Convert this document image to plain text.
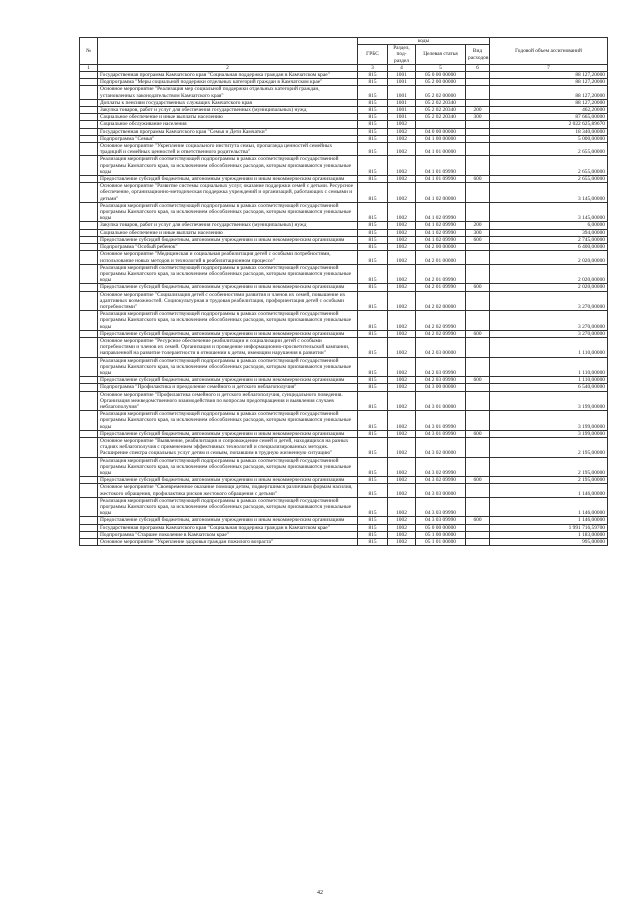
№		коды				Годовой объем ассигнований
		ГРБС	Раздел, под-раздел	Целевая статья	Вид расходов	
1	2	3	4	5	6	7
	Государственная программа Камчатского края "Социальная поддержка граждан в Камчатском крае"	815	1001	05 0 00 00000		88 127,20000
	Подпрограмма "Меры социальной поддержки отдельных категорий граждан в Камчатском крае"	815	1001	05 2 00 00000		88 127,20000
	Основное мероприятие "Реализация мер социальной поддержки отдельных категорий граждан, установленных законодательством Камчатского края"	815	1001	05 2 02 00000		88 127,20000
	Доплаты к пенсиям государственных служащих Камчатского края	815	1001	05 2 02 20340		88 127,20000
	Закупка товаров, работ и услуг для обеспечения государственных (муниципальных) нужд	815	1001	05 2 02 20340	200	462,20000
	Социальное обеспечение и иные выплаты населению	815	1001	05 2 02 20340	300	87 665,00000
	Социальное обслуживание населения	815	1002			2 022 625,89670
	Государственная программа Камчатского края "Семья и Дети Камчатки"	815	1002	04 0 00 00000		18 340,00000
	Подпрограмма "Семья"	815	1002	04 1 00 00000		5 000,00000
	Основное мероприятие "Укрепление социального института семьи, пропаганда ценностей семейных традиций и семейных ценностей и ответственного родительства"	815	1002	04 1 01 00000		2 655,00000
	Реализация мероприятий соответствующей подпрограммы в рамках соответствующей государственной программы Камчатского края, за исключением обособленных расходов, которым присваиваются уникальные коды	815	1002	04 1 01 09990		2 655,00000
	Предоставление субсидий бюджетным, автономным учреждениям и иным некоммерческим организациям	815	1002	04 1 01 09990	600	2 655,00000
	Основное мероприятие "Развитие системы социальных услуг, оказание поддержки семей с детьми. Ресурсное обеспечение, организационно-методическая поддержка учреждений и организаций, работающих с семьями и детьми"	815	1002	04 1 02 00000		3 145,00000
	Реализация мероприятий соответствующей подпрограммы в рамках соответствующей государственной программы Камчатского края, за исключением обособленных расходов, которым присваиваются уникальные коды	815	1002	04 1 02 09990		3 145,00000
	Закупка товаров, работ и услуг для обеспечения государственных (муниципальных) нужд	815	1002	04 1 02 09990	200	6,00000
	Социальное обеспечение и иные выплаты населению	815	1002	04 1 02 09990	300	394,00000
	Предоставление субсидий бюджетным, автономным учреждениям и иным некоммерческим организациям	815	1002	04 1 02 09990	600	2 745,00000
	Подпрограмма "Особый ребенок"	815	1002	04 2 00 00000		6 400,00000
	Основное мероприятие "Медицинская и социальная реабилитация детей с особыми потребностями, использование новых методов и технологий в реабилитационном процессе"	815	1002	04 2 01 00000		2 020,00000
	Реализация мероприятий соответствующей подпрограммы в рамках соответствующей государственной программы Камчатского края, за исключением обособленных расходов, которым присваиваются уникальные коды	815	1002	04 2 01 09990		2 020,00000
	Предоставление субсидий бюджетным, автономным учреждениям и иным некоммерческим организациям	815	1002	04 2 01 09990	600	2 020,00000
	Основное мероприятие "Социализация детей с особенностями развития и членов их семей, повышение их адаптивных возможностей. Социокультурная и трудовая реабилитация, профориентация детей с особыми потребностями"	815	1002	04 2 02 00000		3 270,00000
	Реализация мероприятий соответствующей подпрограммы в рамках соответствующей государственной программы Камчатского края, за исключением обособленных расходов, которым присваиваются уникальные коды	815	1002	04 2 02 09990		3 270,00000
	Предоставление субсидий бюджетным, автономным учреждениям и иным некоммерческим организациям	815	1002	04 2 02 09990	600	3 270,00000
	Основное мероприятие "Ресурсное обеспечение реабилитации и социализации детей с особыми потребностями и членов их семей. Организация и проведение информационно-просветительской кампании, направленной на развитие толерантности в отношении к детям, имеющим нарушения в развитии"	815	1002	04 2 03 00000		1 110,00000
	Реализация мероприятий соответствующей подпрограммы в рамках соответствующей государственной программы Камчатского края, за исключением обособленных расходов, которым присваиваются уникальные коды	815	1002	04 2 03 09990		1 110,00000
	Предоставление субсидий бюджетным, автономным учреждениям и иным некоммерческим организациям	815	1002	04 2 03 09990	600	1 110,00000
	Подпрограмма "Профилактика и преодоление семейного и детского неблагополучия"	815	1002	04 3 00 00000		6 540,00000
	Основное мероприятие "Профилактика семейного и детского неблагополучия, суицидального поведения. Организация межведомственного взаимодействия по вопросам предотвращения и выявления случаев неблагополучия"	815	1002	04 3 01 00000		3 199,00000
	Реализация мероприятий соответствующей подпрограммы в рамках соответствующей государственной программы Камчатского края, за исключением обособленных расходов, которым присваиваются уникальные коды	815	1002	04 3 01 09990		3 199,00000
	Предоставление субсидий бюджетным, автономным учреждениям и иным некоммерческим организациям	815	1002	04 3 01 09990	600	3 199,00000
	Основное мероприятие "Выявление, реабилитация и сопровождение семей и детей, находящихся на разных стадиях неблагополучия с применением эффективных технологий и специализированных методик. Расширение спектра социальных услуг детям и семьям, попавшим в трудную жизненную ситуацию"	815	1002	04 3 02 00000		2 195,00000
	Реализация мероприятий соответствующей подпрограммы в рамках соответствующей государственной программы Камчатского края, за исключением обособленных расходов, которым присваиваются уникальные коды	815	1002	04 3 02 09990		2 195,00000
	Предоставление субсидий бюджетным, автономным учреждениям и иным некоммерческим организациям	815	1002	04 3 02 09990	600	2 195,00000
	Основное мероприятие "Своевременное оказание помощи детям, подвергшимся различным формам насилия, жестокого обращения, профилактика рисков жестокого обращения с детьми"	815	1002	04 3 03 00000		1 146,00000
	Реализация мероприятий соответствующей подпрограммы в рамках соответствующей государственной программы Камчатского края, за исключением обособленных расходов, которым присваиваются уникальные коды	815	1002	04 3 03 09990		1 146,00000
	Предоставление субсидий бюджетным, автономным учреждениям и иным некоммерческим организациям	815	1002	04 3 03 09990	600	1 146,00000
	Государственная программа Камчатского края "Социальная поддержка граждан в Камчатском крае"	815	1002	05 0 00 00000		1 991 716,59700
	Подпрограмма "Старшее поколение в Камчатском крае"	815	1002	05 1 00 00000		1 183,00000
	Основное мероприятие "Укрепление здоровья граждан пожилого возраста"	815	1002	05 1 01 00000		995,00000
42
